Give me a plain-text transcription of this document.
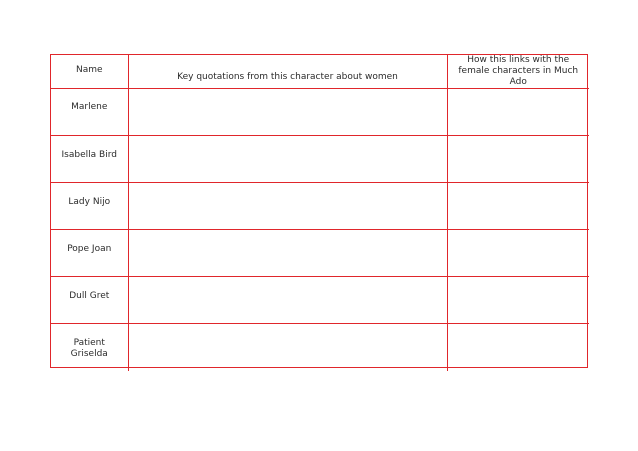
Name	Key quotations from this character about women	How this links with the female characters in Much Ado

Marlene		

Isabella Bird		

Lady Nijo		

Pope Joan		

Dull Gret		

Patient Griselda		
